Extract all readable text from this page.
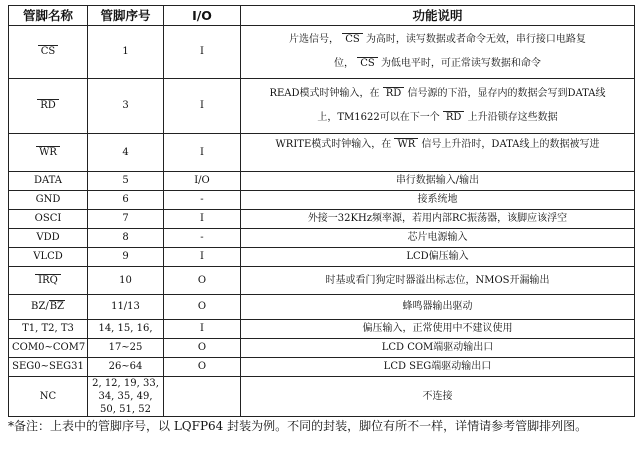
管脚名称	管脚序号	I/O	功能说明
CS	1	I	片选信号， CS 为高时，读写数据或者命令无效，串行接口电路复
位， CS 为低电平时，可正常读写数据和命令

RD	3	I	READ模式时钟输入，在 RD 信号源的下沿，显存内的数据会写到DATA线
上，TM1622可以在下一个 RD 上升沿锁存这些数据

WR	4	I	WRITE模式时钟输入，在 WR 信号上升沿时，DATA线上的数据被写进
DATA	5	I/O	串行数据输入/输出
GND	6	-	接系统地
OSCI	7	I	外接一32KHz频率源，若用内部RC振荡器，该脚应该浮空
VDD	8	-	芯片电源输入
VLCD	9	I	LCD偏压输入
IRQ	10	O	时基或看门狗定时器溢出标志位，NMOS开漏输出
BZ/BZ	11/13	O	蜂鸣器输出驱动
T1, T2, T3	14, 15, 16,	I	偏压输入，正常使用中不建议使用
COM0~COM7	17~25	O	LCD COM端驱动输出口
SEG0~SEG31	26~64	O	LCD SEG端驱动输出口
NC	2, 12, 19, 33, 34, 35, 49, 50, 51, 52		不连接
*备注：上表中的管脚序号，以 LQFP64 封装为例。不同的封装，脚位有所不一样，详情请参考管脚排列图。
